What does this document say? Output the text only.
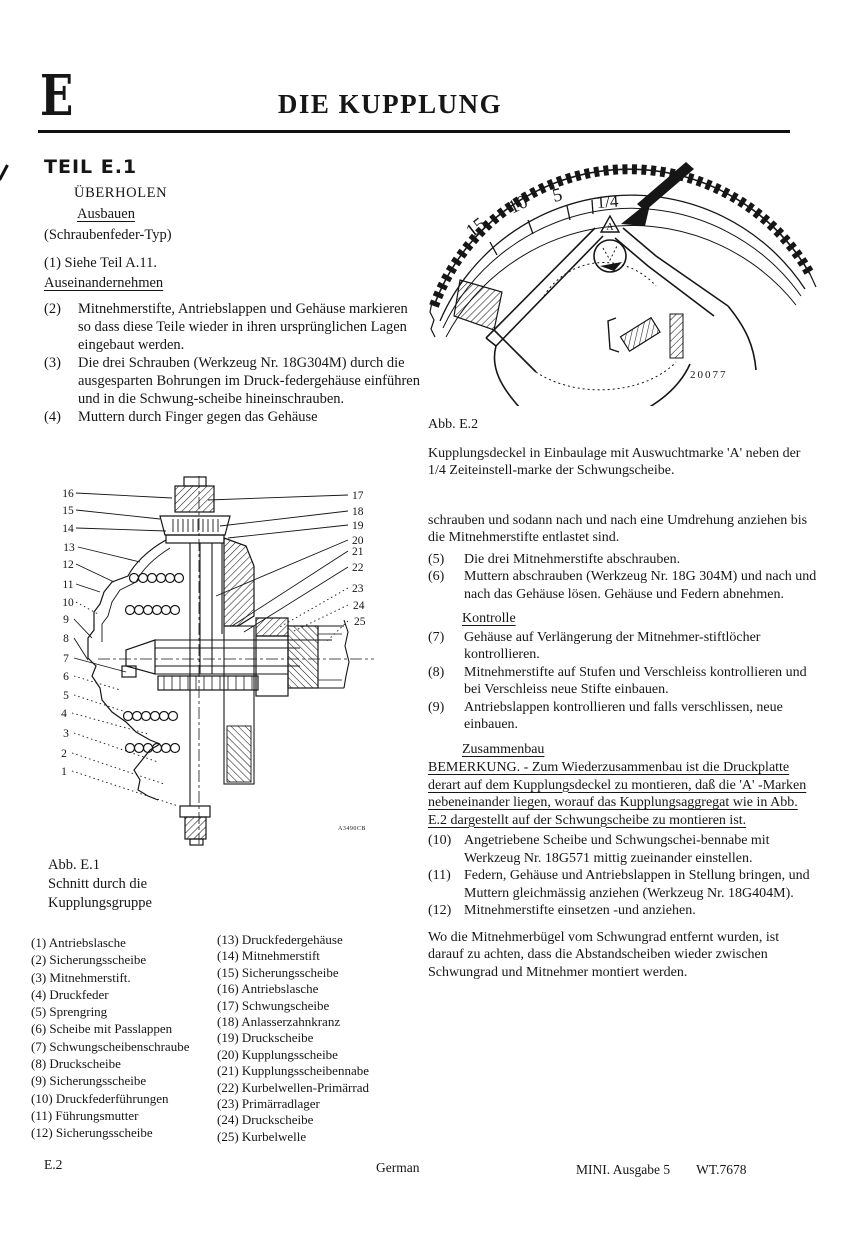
E	DIE KUPPLUNG
TEIL E.1
ÜBERHOLEN
Ausbauen
(Schraubenfeder-Typ)
(1) Siehe Teil A.11.
Auseinandernehmen
(2)	Mitnehmerstifte, Antriebslappen und Gehäuse markieren so dass diese Teile wieder in ihren ursprünglichen Lagen eingebaut werden.
(3)	Die drei Schrauben (Werkzeug Nr. 18G304M) durch die ausgesparten Bohrungen im Druck-federgehäuse einführen und in die Schwung-scheibe hineinschrauben.
(4)	Muttern durch Finger gegen das Gehäuse
16
15
14
13
12
11
10
9
8
7
6
5
4
3
2
1
17
18
19
20
21
22
23
24
25
A3490CB
Abb. E.1
Schnitt durch die
Kupplungsgruppe
(1) Antriebslasche
(2) Sicherungsscheibe
(3) Mitnehmerstift.
(4) Druckfeder
(5) Sprengring
(6) Scheibe mit Passlappen
(7) Schwungscheibenschraube
(8) Druckscheibe
(9) Sicherungsscheibe
(10) Druckfederführungen
(11) Führungsmutter
(12) Sicherungsscheibe
(13) Druckfedergehäuse
(14) Mitnehmerstift
(15) Sicherungsscheibe
(16) Antriebslasche
(17) Schwungscheibe
(18) Anlasserzahnkranz
(19) Druckscheibe
(20) Kupplungsscheibe
(21) Kupplungsscheibennabe
(22) Kurbelwellen-Primärrad
(23) Primärradlager
(24) Druckscheibe
(25) Kurbelwelle
15
10 5 1/4
A
20077
Abb. E.2
Kupplungsdeckel in Einbaulage mit Auswuchtmarke 'A' neben der 1/4 Zeiteinstell-marke der Schwungscheibe.
schrauben und sodann nach und nach eine Umdrehung anziehen bis die Mitnehmerstifte entlastet sind.
(5)	Die drei Mitnehmerstifte abschrauben.
(6)	Muttern abschrauben (Werkzeug Nr. 18G 304M) und nach und nach das Gehäuse lösen. Gehäuse und Federn abnehmen.
Kontrolle
(7)	Gehäuse auf Verlängerung der Mitnehmer-stiftlöcher kontrollieren.
(8)	Mitnehmerstifte auf Stufen und Verschleiss kontrollieren und bei Verschleiss neue Stifte einbauen.
(9)	Antriebslappen kontrollieren und falls verschlissen, neue einbauen.
Zusammenbau
BEMERKUNG. - Zum Wiederzusammenbau ist die Druckplatte derart auf dem Kupplungsdeckel zu montieren, daß die 'A' -Marken nebeneinander liegen, worauf das Kupplungsaggregat wie in Abb. E.2 dargestellt auf der Schwungscheibe zu montieren ist.
(10) Angetriebene Scheibe und Schwungschei-bennabe mit Werkzeug Nr. 18G571 mittig zueinander einstellen.
(11) Federn, Gehäuse und Antriebslappen in Stellung bringen, und Muttern gleichmässig anziehen (Werkzeug Nr. 18G404M).
(12) Mitnehmerstifte einsetzen -und anziehen.
Wo die Mitnehmerbügel vom Schwungrad entfernt wurden, ist darauf zu achten, dass die Abstandscheiben wieder zwischen Schwungrad und Mitnehmer montiert werden.
E.2	German	MINI. Ausgabe 5 WT.7678
